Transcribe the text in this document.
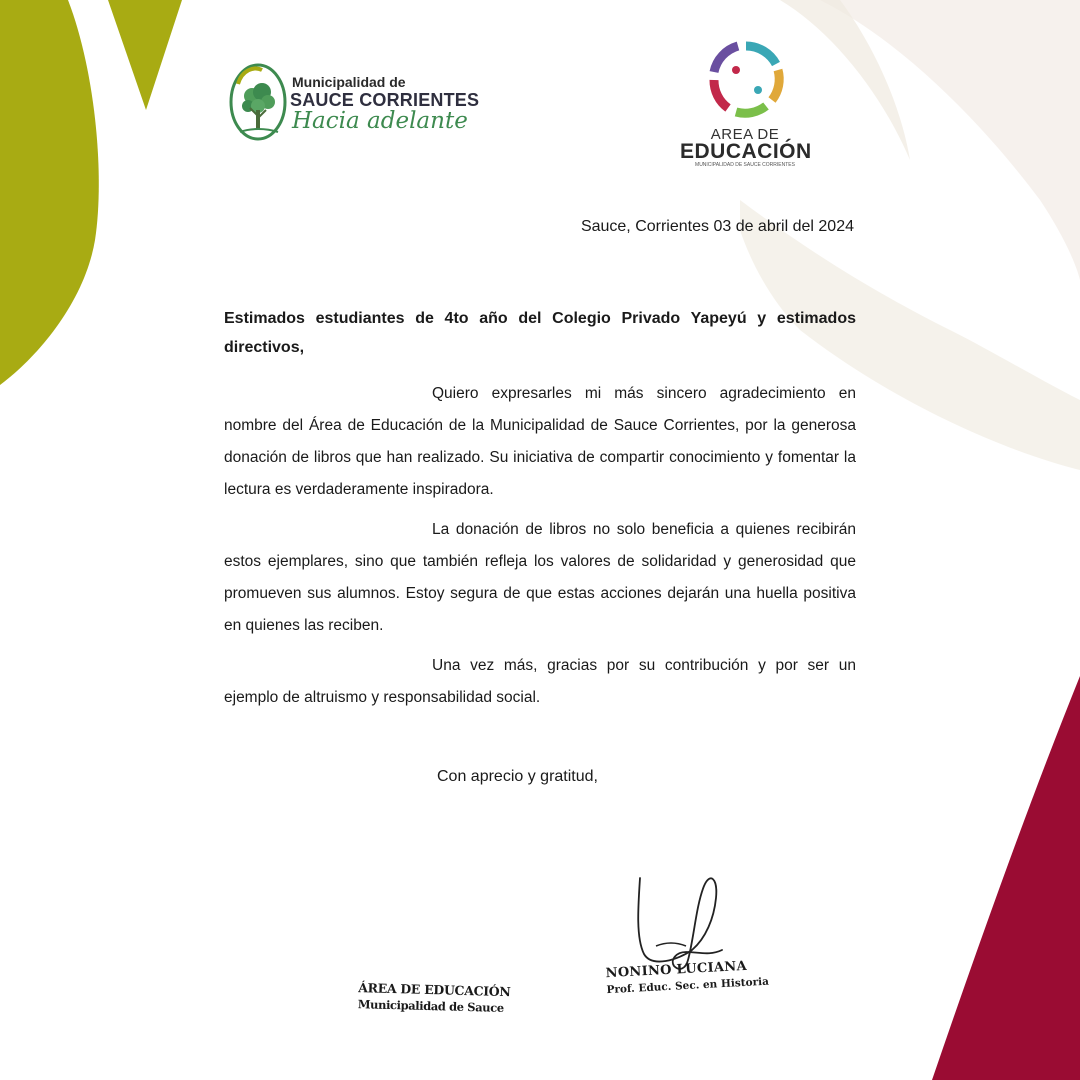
Municipalidad de
SAUCE CORRIENTES
Hacia adelante
AREA DE
EDUCACIÓN
MUNICIPALIDAD DE SAUCE CORRIENTES
Sauce, Corrientes 03 de abril del 2024
Estimados estudiantes de 4to año del Colegio Privado Yapeyú y estimados directivos,

Quiero expresarles mi más sincero agradecimiento en nombre del Área de Educación de la Municipalidad de Sauce Corrientes, por la generosa donación de libros que han realizado. Su iniciativa de compartir conocimiento y fomentar la lectura es verdaderamente inspiradora.

La donación de libros no solo beneficia a quienes recibirán estos ejemplares, sino que también refleja los valores de solidaridad y generosidad que promueven sus alumnos. Estoy segura de que estas acciones dejarán una huella positiva en quienes las reciben.

Una vez más, gracias por su contribución y por ser un ejemplo de altruismo y responsabilidad social.

Con aprecio y gratitud,
ÁREA DE EDUCACIÓN
Municipalidad de Sauce
NONINO LUCIANA
Prof. Educ. Sec. en Historia
